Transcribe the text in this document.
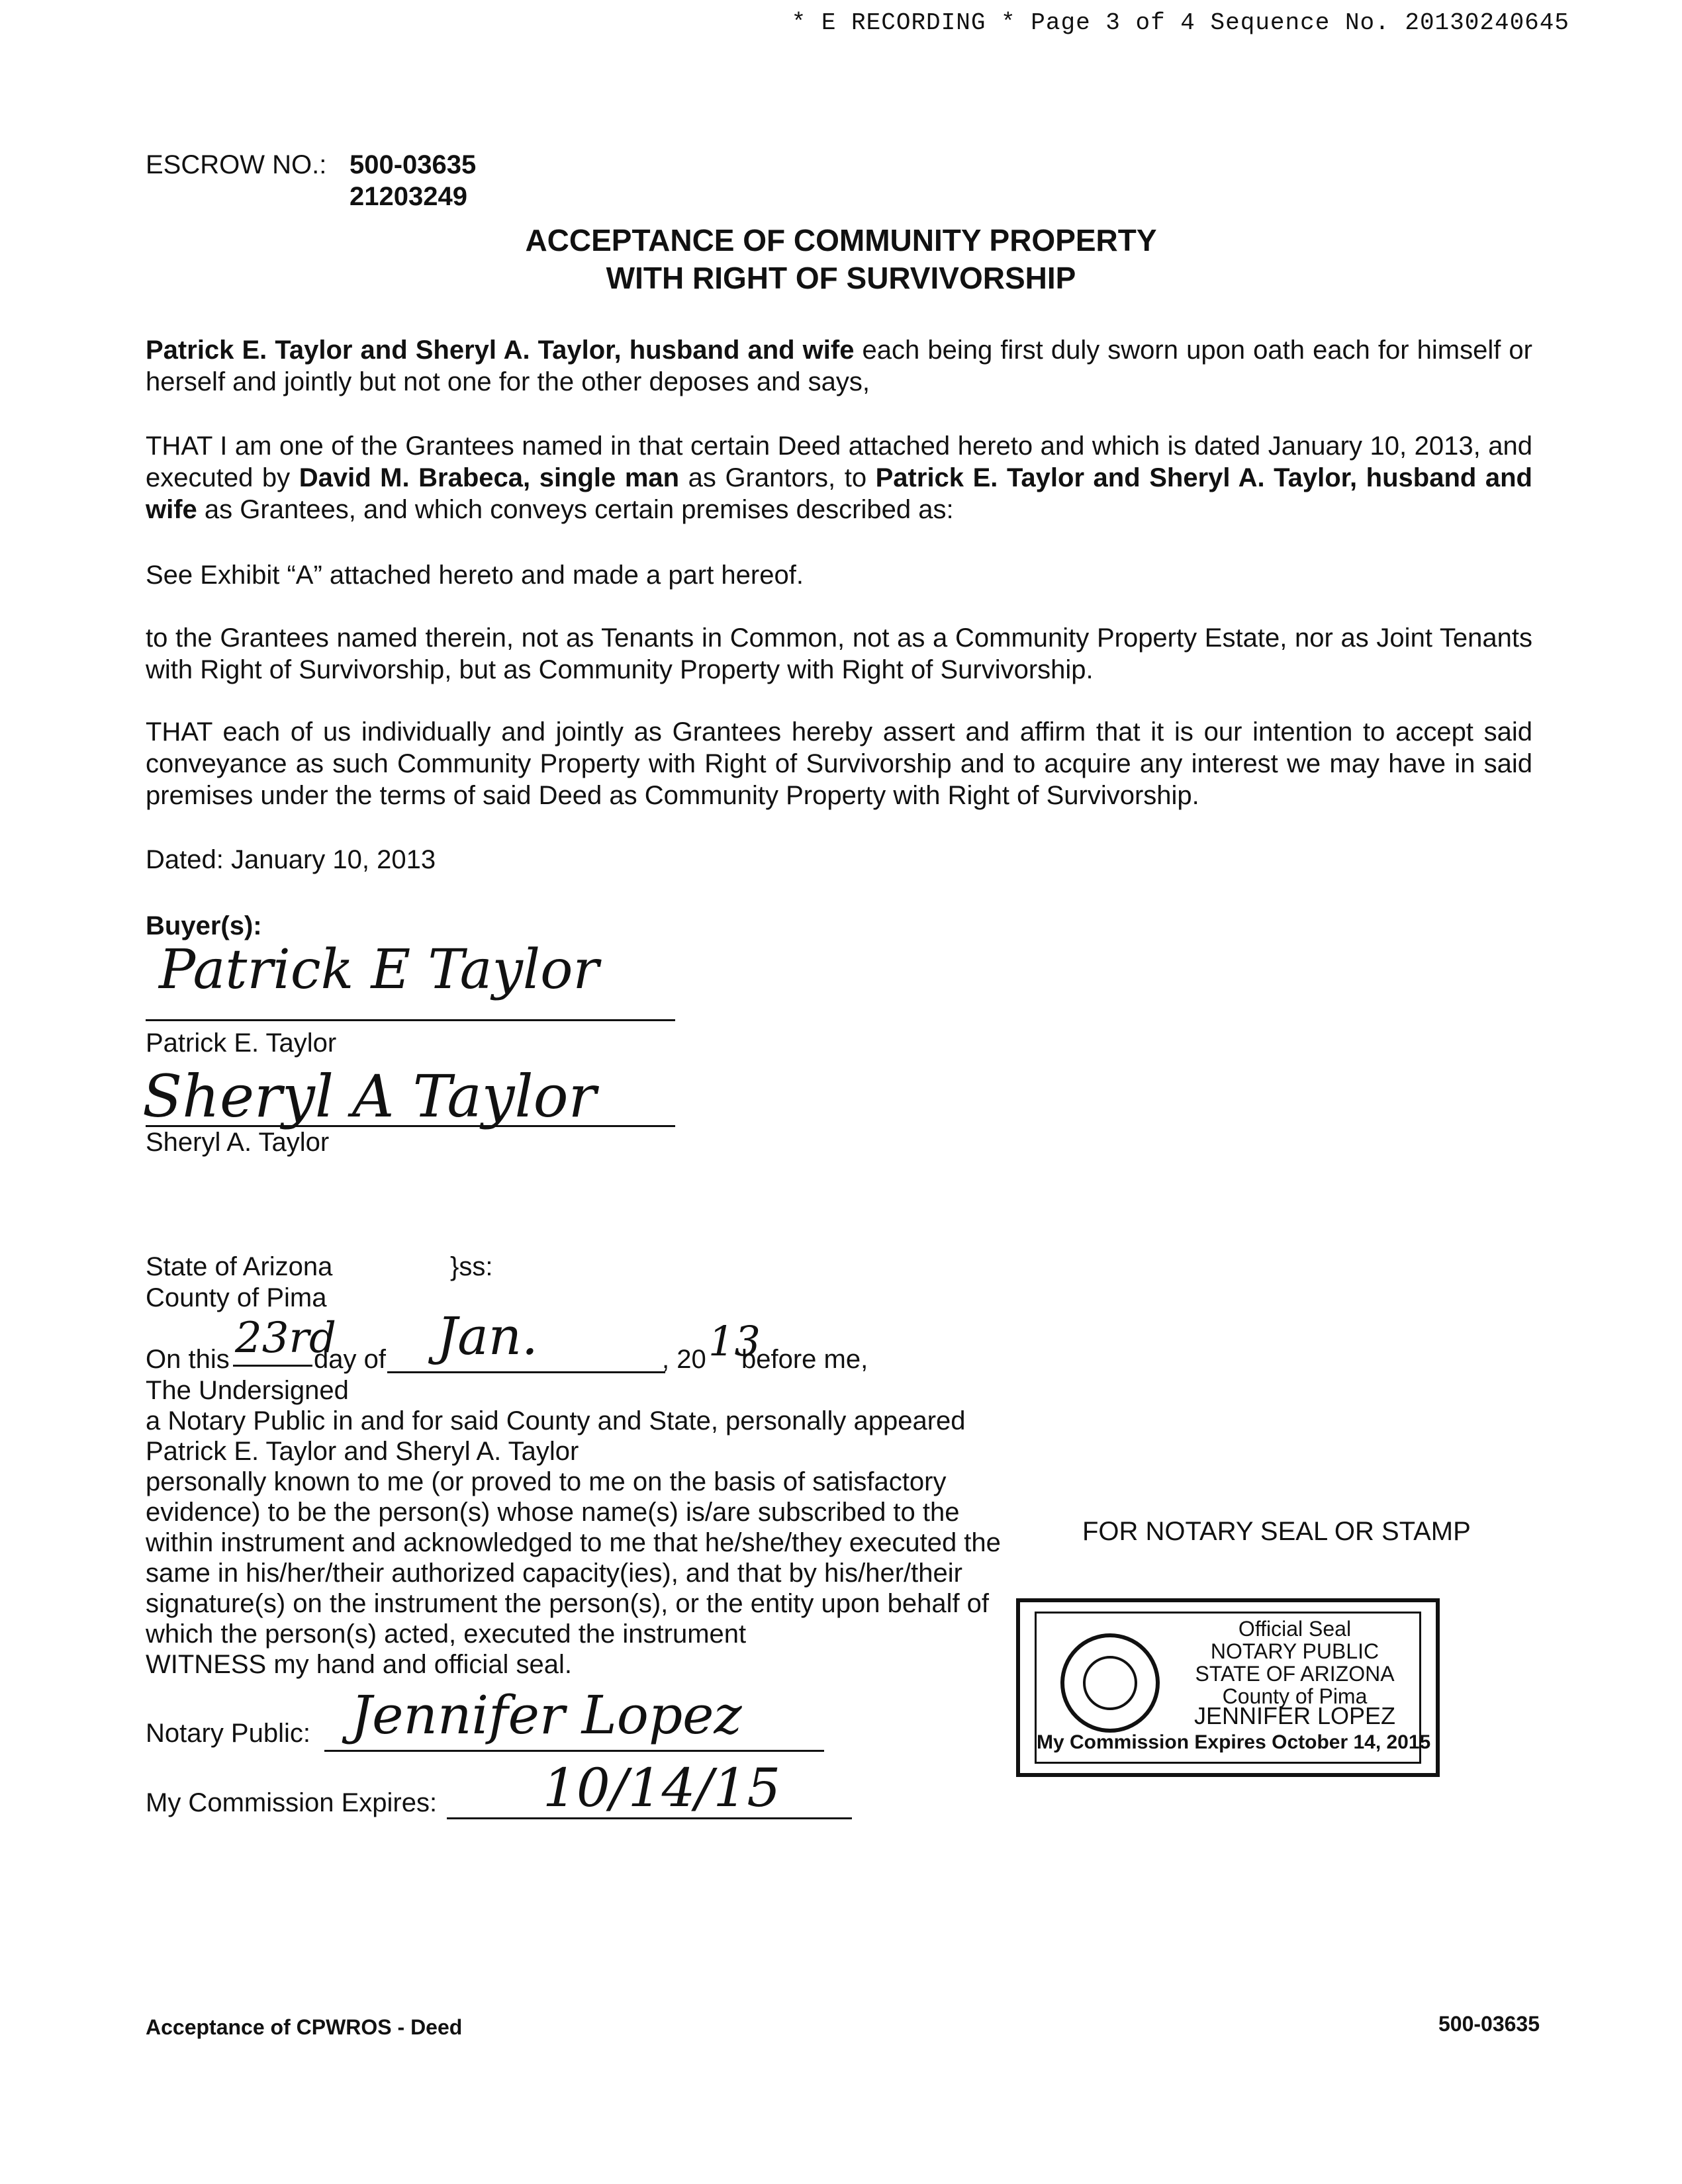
* E RECORDING * Page 3 of 4 Sequence No. 20130240645
ESCROW NO.: 500-03635
21203249
ACCEPTANCE OF COMMUNITY PROPERTY
WITH RIGHT OF SURVIVORSHIP
Patrick E. Taylor and Sheryl A. Taylor, husband and wife each being first duly sworn upon oath each for himself or herself and jointly but not one for the other deposes and says,
THAT I am one of the Grantees named in that certain Deed attached hereto and which is dated January 10, 2013, and executed by David M. Brabeca, single man as Grantors, to Patrick E. Taylor and Sheryl A. Taylor, husband and wife as Grantees, and which conveys certain premises described as:
See Exhibit “A” attached hereto and made a part hereof.
to the Grantees named therein, not as Tenants in Common, not as a Community Property Estate, nor as Joint Tenants with Right of Survivorship, but as Community Property with Right of Survivorship.
THAT each of us individually and jointly as Grantees hereby assert and affirm that it is our intention to accept said conveyance as such Community Property with Right of Survivorship and to acquire any interest we may have in said premises under the terms of said Deed as Community Property with Right of Survivorship.
Dated: January 10, 2013
Buyer(s):
Patrick E Taylor
Patrick E. Taylor
Sheryl A Taylor
Sheryl A. Taylor
State of Arizona	}ss:
County of Pima
On this 23rd
day of Jan.	, 20 13
before me,
The Undersigned
a Notary Public in and for said County and State, personally appeared
Patrick E. Taylor and Sheryl A. Taylor
personally known to me (or proved to me on the basis of satisfactory
evidence) to be the person(s) whose name(s) is/are subscribed to the
within instrument and acknowledged to me that he/she/they executed the
same in his/her/their authorized capacity(ies), and that by his/her/their
signature(s) on the instrument the person(s), or the entity upon behalf of
which the person(s) acted, executed the instrument
WITNESS my hand and official seal.
FOR NOTARY SEAL OR STAMP
Official Seal
NOTARY PUBLIC
STATE OF ARIZONA
County of Pima
JENNIFER LOPEZ
My Commission Expires October 14, 2015
Notary Public: Jennifer Lopez
My Commission Expires: 10/14/15
Acceptance of CPWROS - Deed	500-03635
